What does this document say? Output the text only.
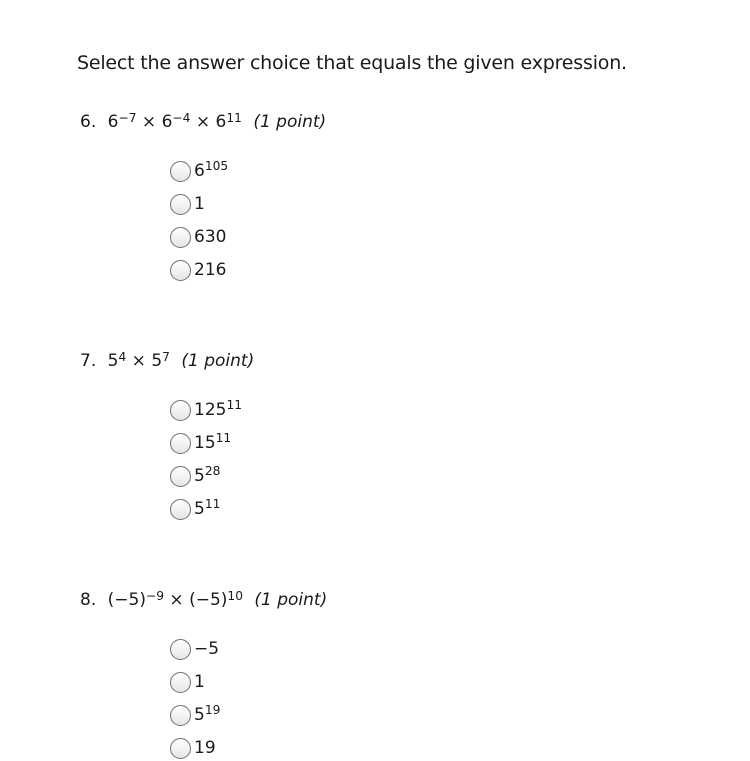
Select the answer choice that equals the given expression.
6. $6^{-7} \times 6^{-4} \times 6^{11}$ (1 point)
$6^{105}$
1
630
216
7. $5^4 \times 5^7$ (1 point)
$125^{11}$
$15^{11}$
$5^{28}$
$5^{11}$
8. $(-5)^{-9} \times (-5)^{10}$ (1 point)
−5
1
$5^{19}$
19
